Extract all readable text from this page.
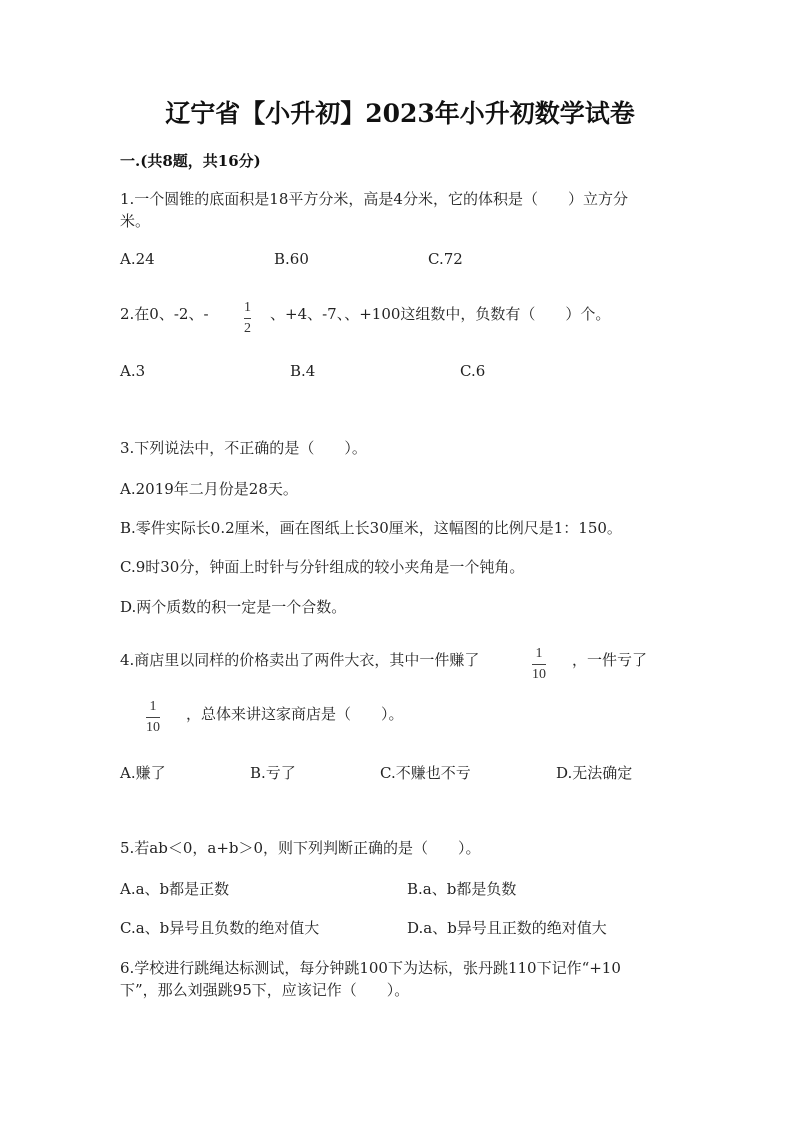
辽宁省【小升初】2023年小升初数学试卷
一.(共8题，共16分)
1.一个圆锥的底面积是18平方分米，高是4分米，它的体积是（　　）立方分
米。
A.24	B.60	C.72
2.在0、-2、-	$\frac{1}{2}$ 、+4、-7、、+100这组数中，负数有（　　）个。
A.3	B.4	C.6
3.下列说法中，不正确的是（　　）。
A.2019年二月份是28天。
B.零件实际长0.2厘米，画在图纸上长30厘米，这幅图的比例尺是1：150。
C.9时30分，钟面上时针与分针组成的较小夹角是一个钝角。
D.两个质数的积一定是一个合数。
4.商店里以同样的价格卖出了两件大衣，其中一件赚了	$\frac{1}{10}$ ，一件亏了
$\frac{1}{10}$ ，总体来讲这家商店是（　　）。
A.赚了	B.亏了	C.不赚也不亏	D.无法确定
5.若ab＜0，a+b＞0，则下列判断正确的是（　　）。
A.a、b都是正数	B.a、b都是负数
C.a、b异号且负数的绝对值大	D.a、b异号且正数的绝对值大
6.学校进行跳绳达标测试，每分钟跳100下为达标，张丹跳110下记作“+10
下”，那么刘强跳95下，应该记作（　　）。
